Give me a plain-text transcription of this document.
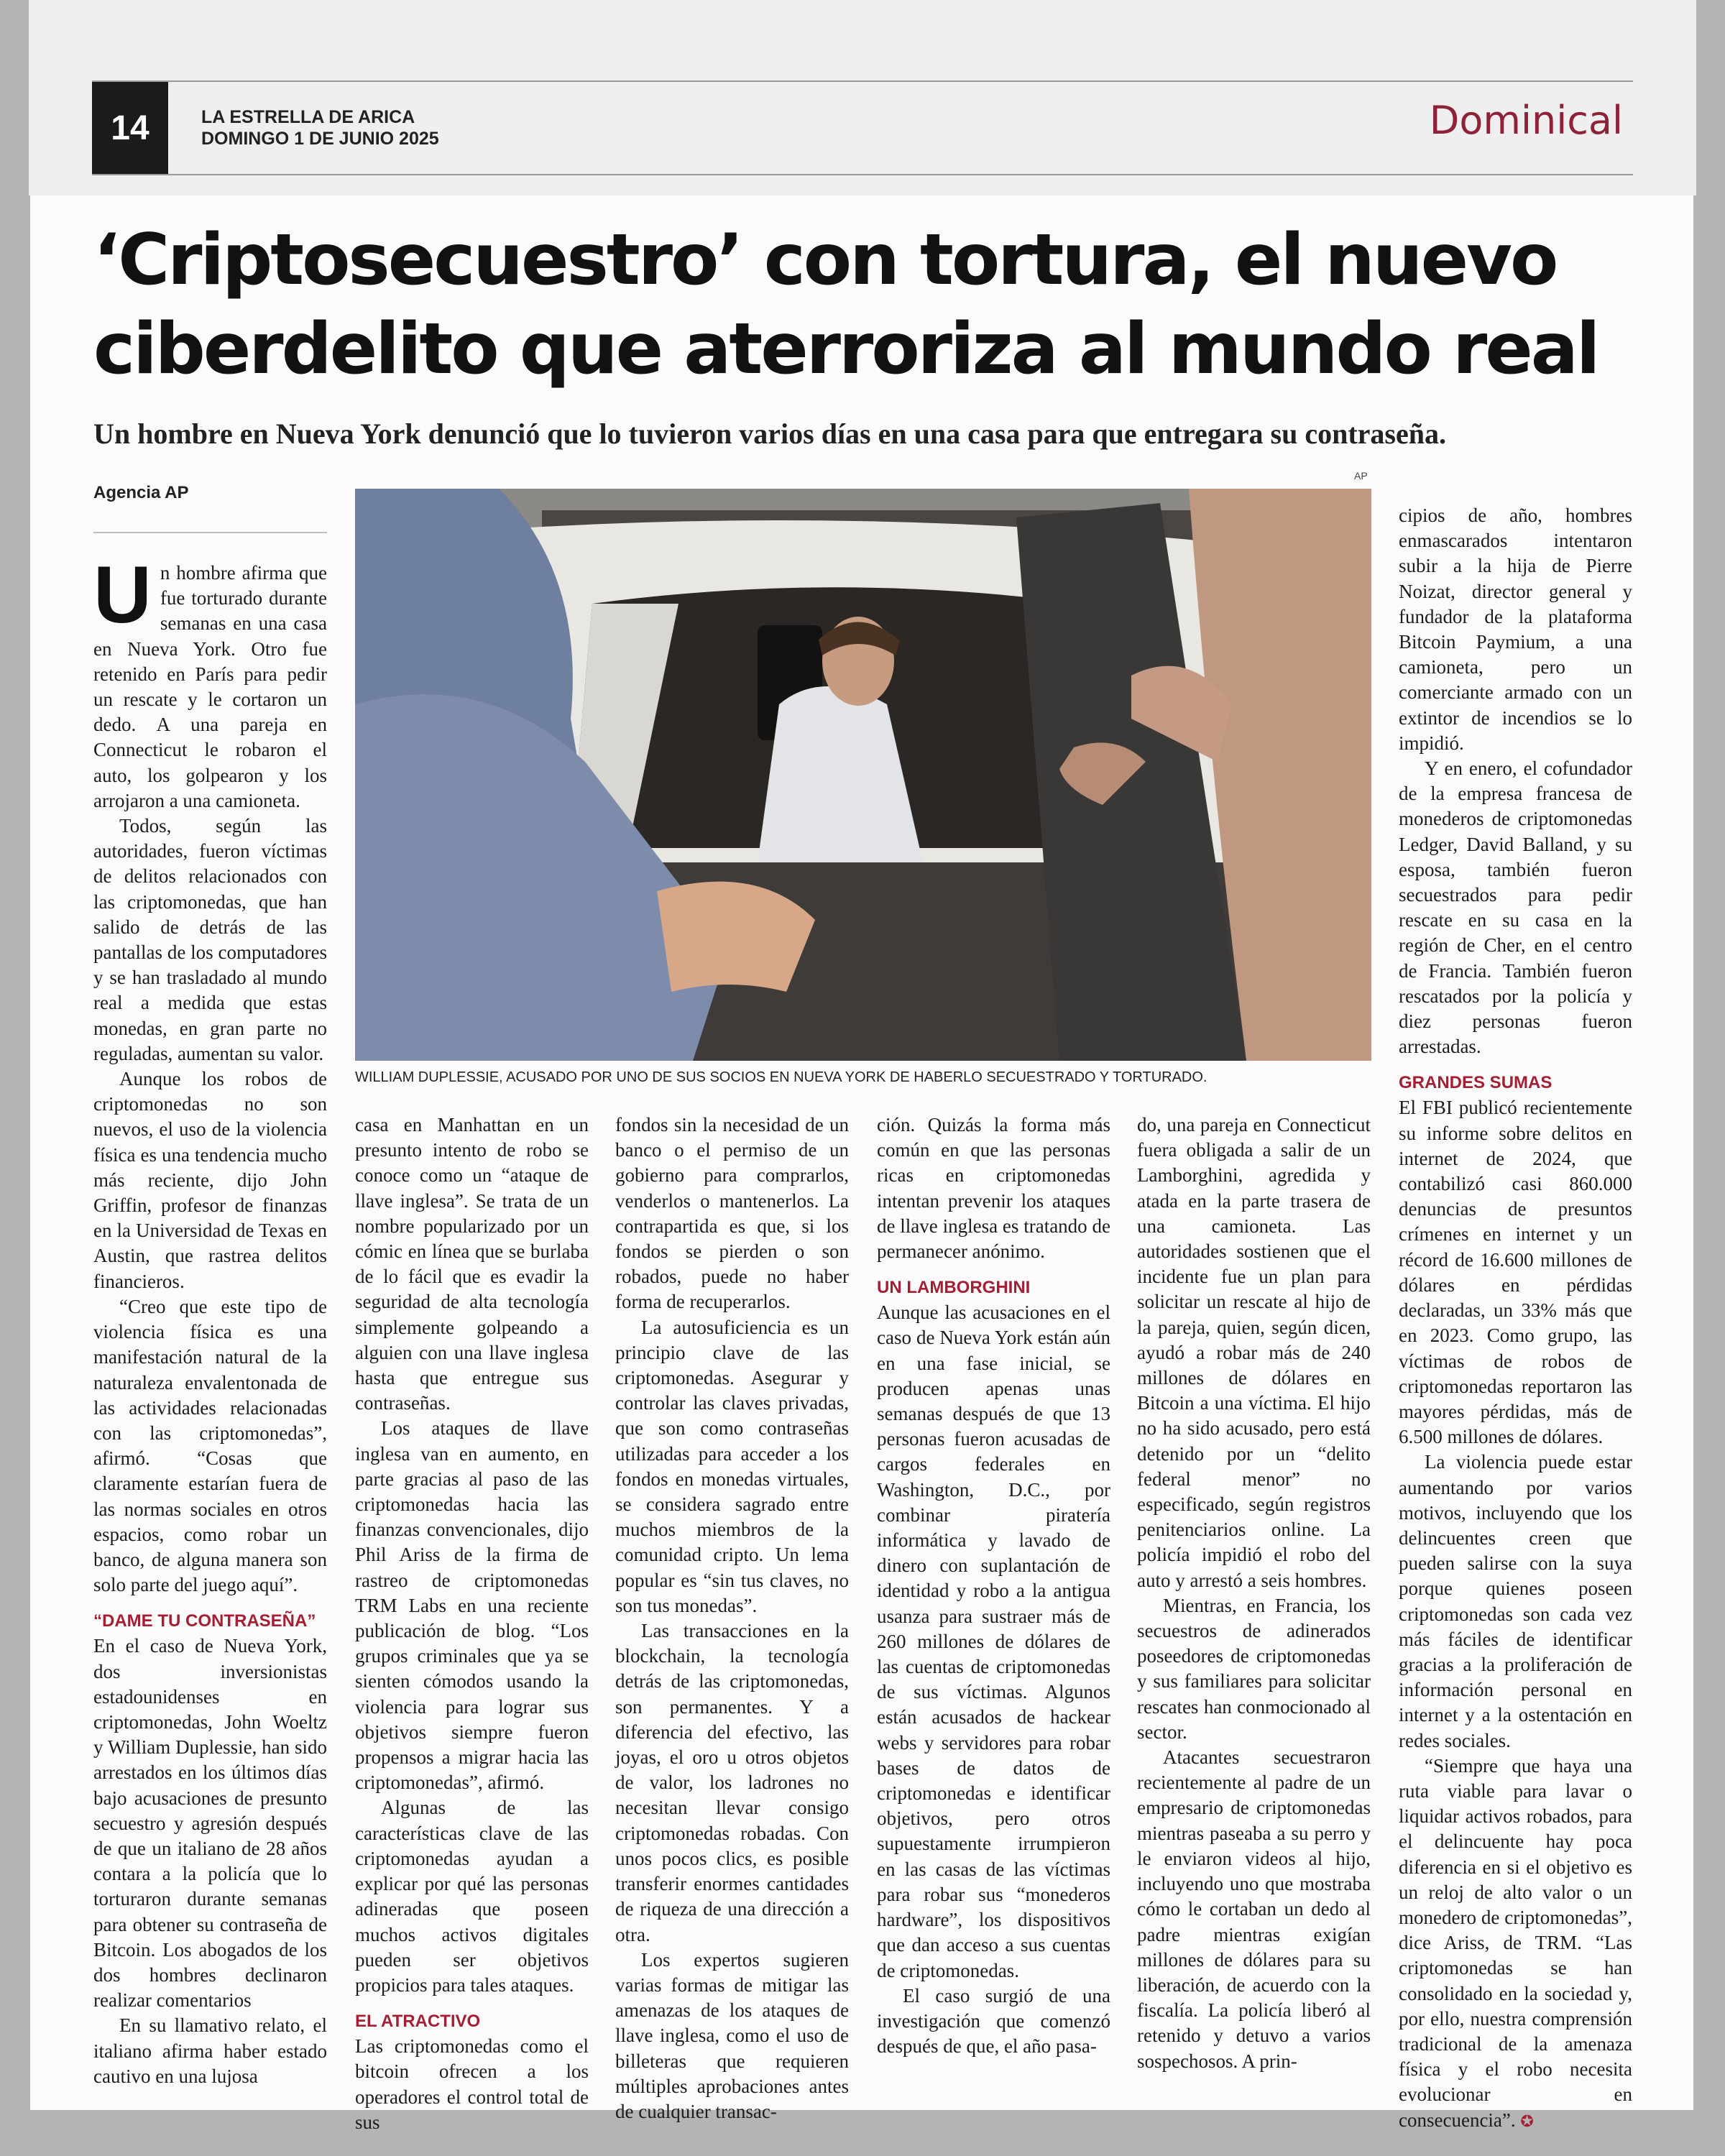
14	LA ESTRELLA DE ARICA
DOMINGO 1 DE JUNIO 2025	Dominical
‘Criptosecuestro’ con tortura, el nuevo
ciberdelito que aterroriza al mundo real
Un hombre en Nueva York denunció que lo tuvieron varios días en una casa para que entregara su contraseña.
Agencia AP
AP
WILLIAM DUPLESSIE, ACUSADO POR UNO DE SUS SOCIOS EN NUEVA YORK DE HABERLO SECUESTRADO Y TORTURADO.

Un hombre afirma que fue torturado durante semanas en una casa en Nueva York. Otro fue retenido en París para pedir un rescate y le cortaron un dedo. A una pareja en Connecticut le robaron el auto, los golpearon y los arrojaron a una camioneta.

Todos, según las autoridades, fueron víctimas de delitos relacionados con las criptomonedas, que han salido de detrás de las pantallas de los computadores y se han trasladado al mundo real a medida que estas monedas, en gran parte no reguladas, aumentan su valor.

Aunque los robos de criptomonedas no son nuevos, el uso de la violencia física es una tendencia mucho más reciente, dijo John Griffin, profesor de finanzas en la Universidad de Texas en Austin, que rastrea delitos financieros.

“Creo que este tipo de violencia física es una manifestación natural de la naturaleza envalentonada de las actividades relacionadas con las criptomonedas”, afirmó. “Cosas que claramente estarían fuera de las normas sociales en otros espacios, como robar un banco, de alguna manera son solo parte del juego aquí”.

“DAME TU CONTRASEÑA”

En el caso de Nueva York, dos inversionistas estadounidenses en criptomonedas, John Woeltz y William Duplessie, han sido arrestados en los últimos días bajo acusaciones de presunto secuestro y agresión después de que un italiano de 28 años contara a la policía que lo torturaron durante semanas para obtener su contraseña de Bitcoin. Los abogados de los dos hombres declinaron realizar comentarios

En su llamativo relato, el italiano afirma haber estado cautivo en una lujosa

casa en Manhattan en un presunto intento de robo se conoce como un “ataque de llave inglesa”. Se trata de un nombre popularizado por un cómic en línea que se burlaba de lo fácil que es evadir la seguridad de alta tecnología simplemente golpeando a alguien con una llave inglesa hasta que entregue sus contraseñas.

Los ataques de llave inglesa van en aumento, en parte gracias al paso de las criptomonedas hacia las finanzas convencionales, dijo Phil Ariss de la firma de rastreo de criptomonedas TRM Labs en una reciente publicación de blog. “Los grupos criminales que ya se sienten cómodos usando la violencia para lograr sus objetivos siempre fueron propensos a migrar hacia las criptomonedas”, afirmó.

Algunas de las características clave de las criptomonedas ayudan a explicar por qué las personas adineradas que poseen muchos activos digitales pueden ser objetivos propicios para tales ataques.

EL ATRACTIVO

Las criptomonedas como el bitcoin ofrecen a los operadores el control total de sus

fondos sin la necesidad de un banco o el permiso de un gobierno para comprarlos, venderlos o mantenerlos. La contrapartida es que, si los fondos se pierden o son robados, puede no haber forma de recuperarlos.

La autosuficiencia es un principio clave de las criptomonedas. Asegurar y controlar las claves privadas, que son como contraseñas utilizadas para acceder a los fondos en monedas virtuales, se considera sagrado entre muchos miembros de la comunidad cripto. Un lema popular es “sin tus claves, no son tus monedas”.

Las transacciones en la blockchain, la tecnología detrás de las criptomonedas, son permanentes. Y a diferencia del efectivo, las joyas, el oro u otros objetos de valor, los ladrones no necesitan llevar consigo criptomonedas robadas. Con unos pocos clics, es posible transferir enormes cantidades de riqueza de una dirección a otra.

Los expertos sugieren varias formas de mitigar las amenazas de los ataques de llave inglesa, como el uso de billeteras que requieren múltiples aprobaciones antes de cualquier transac-

ción. Quizás la forma más común en que las personas ricas en criptomonedas intentan prevenir los ataques de llave inglesa es tratando de permanecer anónimo.

UN LAMBORGHINI

Aunque las acusaciones en el caso de Nueva York están aún en una fase inicial, se producen apenas unas semanas después de que 13 personas fueron acusadas de cargos federales en Washington, D.C., por combinar piratería informática y lavado de dinero con suplantación de identidad y robo a la antigua usanza para sustraer más de 260 millones de dólares de las cuentas de criptomonedas de sus víctimas. Algunos están acusados de hackear webs y servidores para robar bases de datos de criptomonedas e identificar objetivos, pero otros supuestamente irrumpieron en las casas de las víctimas para robar sus “monederos hardware”, los dispositivos que dan acceso a sus cuentas de criptomonedas.

El caso surgió de una investigación que comenzó después de que, el año pasa-

do, una pareja en Connecticut fuera obligada a salir de un Lamborghini, agredida y atada en la parte trasera de una camioneta. Las autoridades sostienen que el incidente fue un plan para solicitar un rescate al hijo de la pareja, quien, según dicen, ayudó a robar más de 240 millones de dólares en Bitcoin a una víctima. El hijo no ha sido acusado, pero está detenido por un “delito federal menor” no especificado, según registros penitenciarios online. La policía impidió el robo del auto y arrestó a seis hombres.

Mientras, en Francia, los secuestros de adinerados poseedores de criptomonedas y sus familiares para solicitar rescates han conmocionado al sector.

Atacantes secuestraron recientemente al padre de un empresario de criptomonedas mientras paseaba a su perro y le enviaron videos al hijo, incluyendo uno que mostraba cómo le cortaban un dedo al padre mientras exigían millones de dólares para su liberación, de acuerdo con la fiscalía. La policía liberó al retenido y detuvo a varios sospechosos. A prin-

cipios de año, hombres enmascarados intentaron subir a la hija de Pierre Noizat, director general y fundador de la plataforma Bitcoin Paymium, a una camioneta, pero un comerciante armado con un extintor de incendios se lo impidió.

Y en enero, el cofundador de la empresa francesa de monederos de criptomonedas Ledger, David Balland, y su esposa, también fueron secuestrados para pedir rescate en su casa en la región de Cher, en el centro de Francia. También fueron rescatados por la policía y diez personas fueron arrestadas.

GRANDES SUMAS

El FBI publicó recientemente su informe sobre delitos en internet de 2024, que contabilizó casi 860.000 denuncias de presuntos crímenes en internet y un récord de 16.600 millones de dólares en pérdidas declaradas, un 33% más que en 2023. Como grupo, las víctimas de robos de criptomonedas reportaron las mayores pérdidas, más de 6.500 millones de dólares.

La violencia puede estar aumentando por varios motivos, incluyendo que los delincuentes creen que pueden salirse con la suya porque quienes poseen criptomonedas son cada vez más fáciles de identificar gracias a la proliferación de información personal en internet y a la ostentación en redes sociales.

“Siempre que haya una ruta viable para lavar o liquidar activos robados, para el delincuente hay poca diferencia en si el objetivo es un reloj de alto valor o un monedero de criptomonedas”, dice Ariss, de TRM. “Las criptomonedas se han consolidado en la sociedad y, por ello, nuestra comprensión tradicional de la amenaza física y el robo necesita evolucionar en consecuencia”. ✪
